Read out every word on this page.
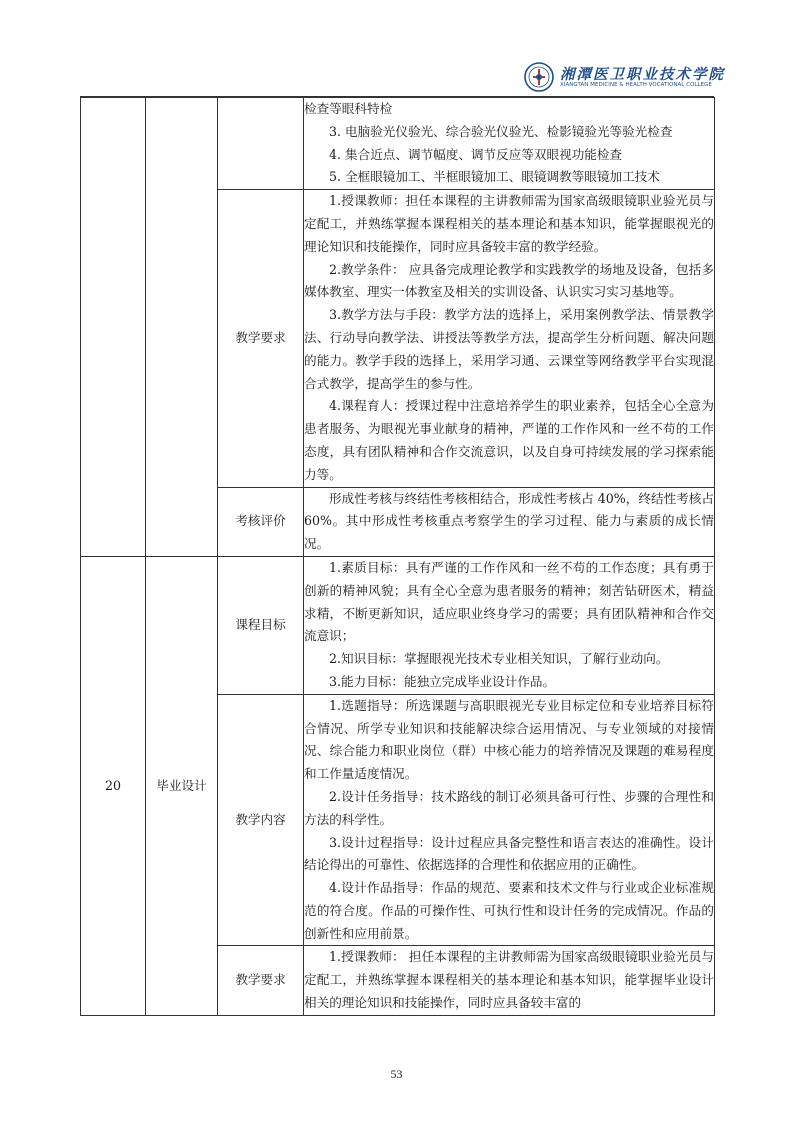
湘潭医卫职业技术学院
XIANGTAN MEDICINE & HEALTH VOCATIONAL COLLEGE

			检查等眼科特检

3. 电脑验光仪验光、综合验光仪验光、检影镜验光等验光检查

4. 集合近点、调节幅度、调节反应等双眼视功能检查

5. 全框眼镜加工、半框眼镜加工、眼镜调教等眼镜加工技术

		教学要求	1.授课教师：担任本课程的主讲教师需为国家高级眼镜职业验光员与定配工，并熟练掌握本课程相关的基本理论和基本知识，能掌握眼视光的理论知识和技能操作，同时应具备较丰富的教学经验。

2.教学条件： 应具备完成理论教学和实践教学的场地及设备，包括多媒体教室、理实一体教室及相关的实训设备、认识实习实习基地等。

3.教学方法与手段：教学方法的选择上，采用案例教学法、情景教学法、行动导向教学法、讲授法等教学方法，提高学生分析问题、解决问题的能力。教学手段的选择上，采用学习通、云课堂等网络教学平台实现混合式教学，提高学生的参与性。

4.课程育人：授课过程中注意培养学生的职业素养，包括全心全意为患者服务、为眼视光事业献身的精神，严谨的工作作风和一丝不苟的工作态度，具有团队精神和合作交流意识，以及自身可持续发展的学习探索能力等。

		考核评价	形成性考核与终结性考核相结合，形成性考核占 40%，终结性考核占 60%。其中形成性考核重点考察学生的学习过程、能力与素质的成长情况。

20	毕业设计	课程目标	1.素质目标：具有严谨的工作作风和一丝不苟的工作态度；具有勇于创新的精神风貌；具有全心全意为患者服务的精神；刻苦钻研医术，精益求精，不断更新知识，适应职业终身学习的需要；具有团队精神和合作交流意识；

2.知识目标：掌握眼视光技术专业相关知识，了解行业动向。

3.能力目标：能独立完成毕业设计作品。

		教学内容	1.选题指导：所选课题与高职眼视光专业目标定位和专业培养目标符合情况、所学专业知识和技能解决综合运用情况、与专业领域的对接情况、综合能力和职业岗位（群）中核心能力的培养情况及课题的难易程度和工作量适度情况。

2.设计任务指导：技术路线的制订必须具备可行性、步骤的合理性和方法的科学性。

3.设计过程指导：设计过程应具备完整性和语言表达的准确性。设计结论得出的可靠性、依据选择的合理性和依据应用的正确性。

4.设计作品指导：作品的规范、要素和技术文件与行业或企业标准规范的符合度。作品的可操作性、可执行性和设计任务的完成情况。作品的创新性和应用前景。

		教学要求	1.授课教师： 担任本课程的主讲教师需为国家高级眼镜职业验光员与定配工，并熟练掌握本课程相关的基本理论和基本知识，能掌握毕业设计相关的理论知识和技能操作，同时应具备较丰富的

53
